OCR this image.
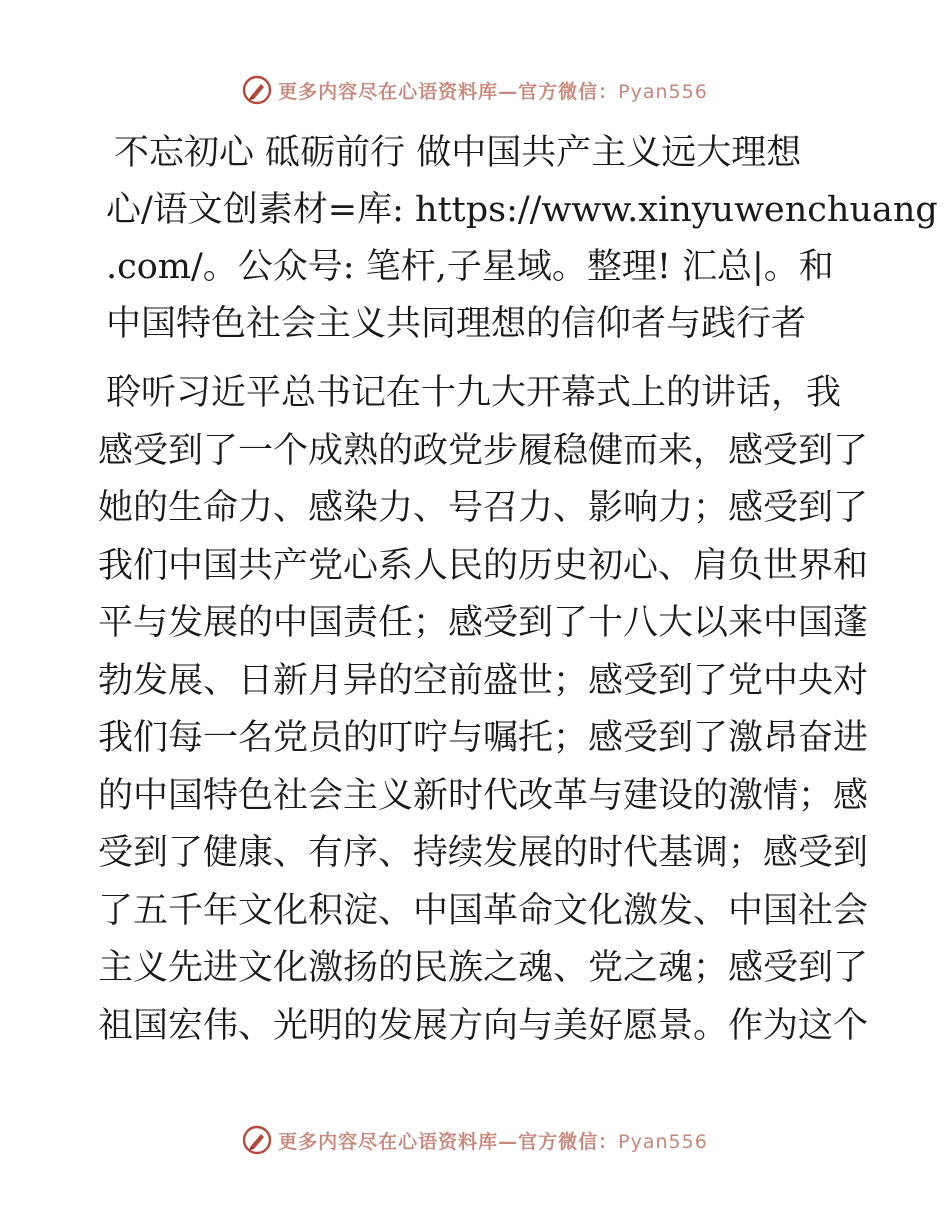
更多内容尽在心语资料库—官方微信：Pyan556
不忘初心 砥砺前行 做中国共产主义远大理想
心/语文创素材=库: https://www.xinyuwenchuang
.com/。公众号: 笔杆,子星域。整理! 汇总|。和
中国特色社会主义共同理想的信仰者与践行者
聆听习近平总书记在十九大开幕式上的讲话，我
感受到了一个成熟的政党步履稳健而来，感受到了
她的生命力、感染力、号召力、影响力；感受到了
我们中国共产党心系人民的历史初心、肩负世界和
平与发展的中国责任；感受到了十八大以来中国蓬
勃发展、日新月异的空前盛世；感受到了党中央对
我们每一名党员的叮咛与嘱托；感受到了激昂奋进
的中国特色社会主义新时代改革与建设的激情；感
受到了健康、有序、持续发展的时代基调；感受到
了五千年文化积淀、中国革命文化激发、中国社会
主义先进文化激扬的民族之魂、党之魂；感受到了
祖国宏伟、光明的发展方向与美好愿景。作为这个
更多内容尽在心语资料库—官方微信：Pyan556
